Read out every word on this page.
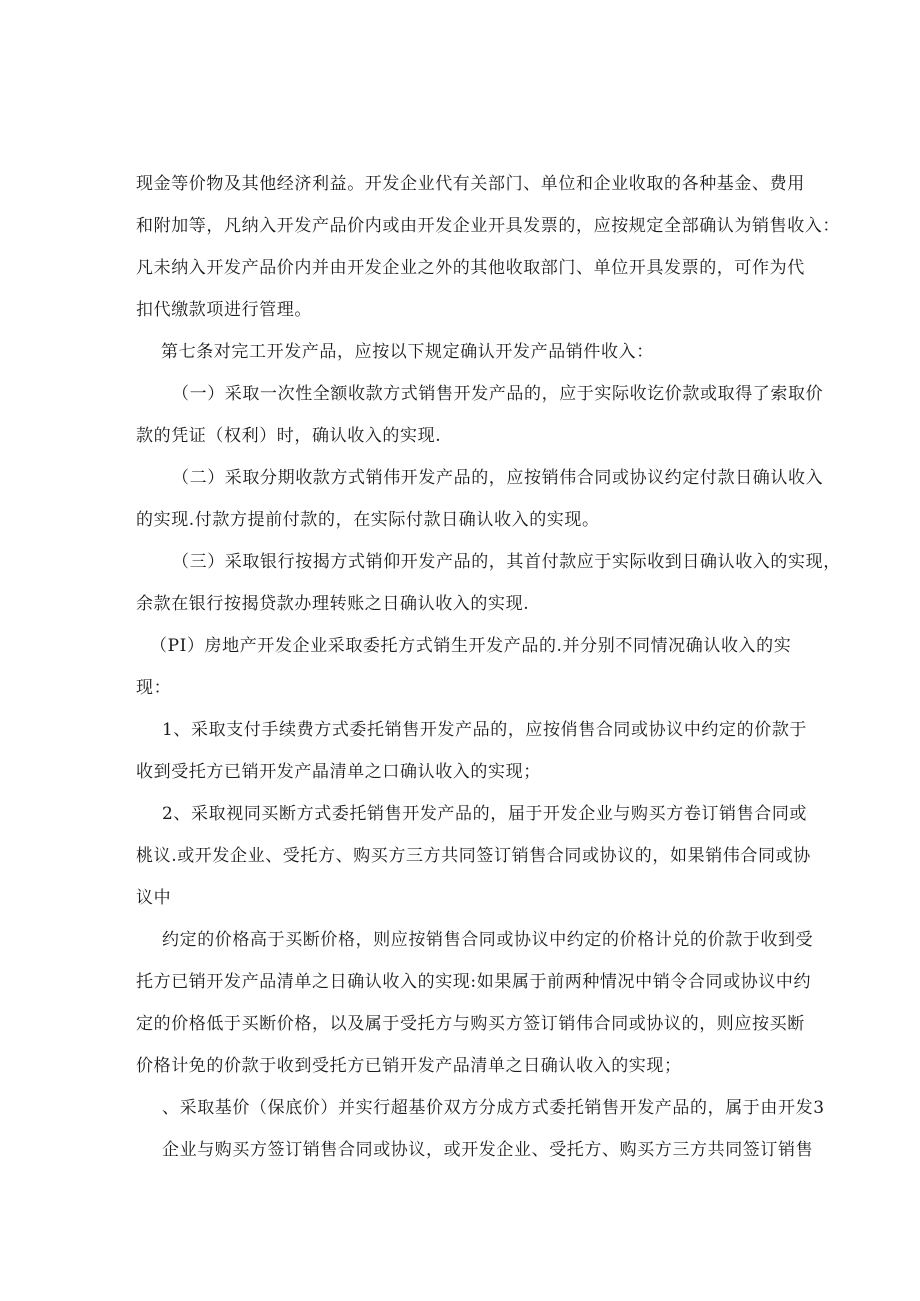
现金等价物及其他经济利益。开发企业代有关部门、单位和企业收取的各种基金、费用
和附加等，凡纳入开发产品价内或由开发企业开具发票的，应按规定全部确认为销售收入：
凡未纳入开发产品价内并由开发企业之外的其他收取部门、单位开具发票的，可作为代
扣代缴款项进行管理。
第七条对完工开发产品，应按以下规定确认开发产品销件收入：
（一）采取一次性全额收款方式销售开发产品的，应于实际收讫价款或取得了索取价
款的凭证（权利）时，确认收入的实现.
（二）采取分期收款方式销伟开发产品的，应按销伟合同或协议约定付款日确认收入
的实现.付款方提前付款的，在实际付款日确认收入的实现。
（三）采取银行按揭方式销仰开发产品的，其首付款应于实际收到日确认收入的实现，
余款在银行按揭贷款办理转账之日确认收入的实现.
（PI）房地产开发企业采取委托方式销生开发产品的.并分别不同情况确认收入的实
现：
1、采取支付手续费方式委托销售开发产品的，应按俏售合同或协议中约定的价款于
收到受托方已销开发产晶清单之口确认收入的实现；
2、采取视同买断方式委托销售开发产品的，届于开发企业与购买方卷订销售合同或
桃议.或开发企业、受托方、购买方三方共同签订销售合同或协议的，如果销伟合同或协
议中
约定的价格高于买断价格，则应按销售合同或协议中约定的价格计兑的价款于收到受
托方已销开发产品清单之日确认收入的实现:如果属于前两种情况中销令合同或协议中约
定的价格低于买断价格，以及属于受托方与购买方签订销伟合同或协议的，则应按买断
价格计免的价款于收到受托方已销开发产品清单之日确认收入的实现；
、采取基价（保底价）并实行超基价双方分成方式委托销售开发产品的，属于由开发3
企业与购买方签订销售合同或协议，或开发企业、受托方、购买方三方共同签订销售
